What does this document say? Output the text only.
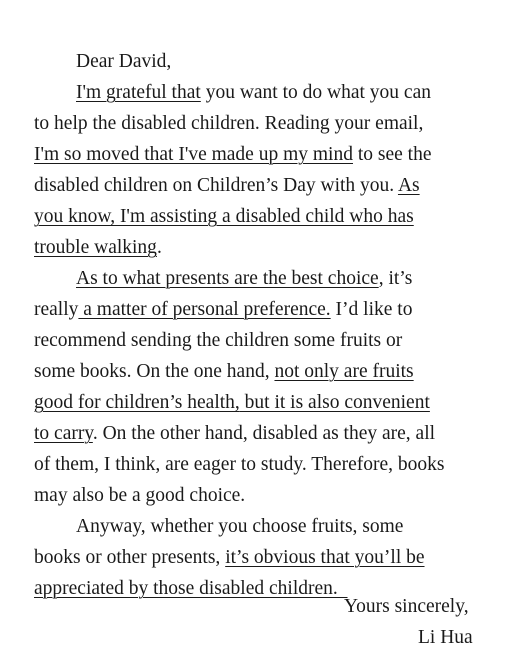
Dear David,
I'm grateful that you want to do what you can
to help the disabled children. Reading your email,
I'm so moved that I've made up my mind to see the
disabled children on Children’s Day with you. As
you know, I'm assisting a disabled child who has
trouble walking.
As to what presents are the best choice, it’s
really a matter of personal preference. I’d like to
recommend sending the children some fruits or
some books. On the one hand, not only are fruits
good for children’s health, but it is also convenient
to carry. On the other hand, disabled as they are, all
of them, I think, are eager to study. Therefore, books
may also be a good choice.
Anyway, whether you choose fruits, some
books or other presents, it’s obvious that you’ll be
appreciated by those disabled children.
Yours sincerely,
Li Hua
